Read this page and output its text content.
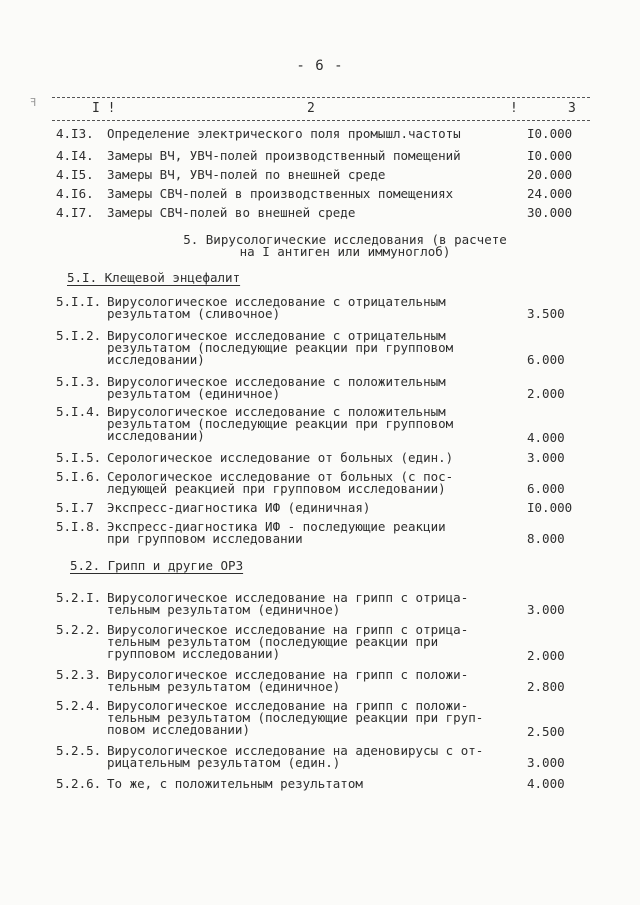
- 6 -
ꟻ	I !	2	!	3
4.I3.	Определение электрического поля промышл.частоты	I0.000
4.I4.	Замеры ВЧ, УВЧ-полей производственный помещений	I0.000
4.I5.	Замеры ВЧ, УВЧ-полей по внешней среде	20.000
4.I6.	Замеры СВЧ-полей в производственных помещениях	24.000
4.I7.	Замеры СВЧ-полей во внешней среде	30.000
5. Вирусологические исследования (в расчете
на I антиген или иммуноглоб)
5.I. Клещевой энцефалит
5.I.I. Вирусологическое исследование с отрицательным
результатом (сливочное)	3.500
5.I.2. Вирусологическое исследование с отрицательным
результатом (последующие реакции при групповом
исследовании)	6.000
5.I.3. Вирусологическое исследование с положительным
результатом (единичное)	2.000
5.I.4. Вирусологическое исследование с положительным
результатом (последующие реакции при групповом
исследовании)	4.000
5.I.5. Серологическое исследование от больных (един.)	3.000
5.I.6. Серологическое исследование от больных (с пос-
ледующей реакцией при групповом исследовании)	6.000
5.I.7	Экспресс-диагностика ИФ (единичная)	I0.000
5.I.8. Экспресс-диагностика ИФ - последующие реакции
при групповом исследовании	8.000
5.2. Грипп и другие ОРЗ
5.2.I. Вирусологическое исследование на грипп с отрица-
тельным результатом (единичное)	3.000
5.2.2. Вирусологическое исследование на грипп с отрица-
тельным результатом (последующие реакции при
групповом исследовании)	2.000
5.2.3. Вирусологическое исследование на грипп с положи-
тельным результатом (единичное)	2.800
5.2.4. Вирусологическое исследование на грипп с положи-
тельным результатом (последующие реакции при груп-
повом исследовании)	2.500
5.2.5. Вирусологическое исследование на аденовирусы с от-
рицательным результатом (един.)	3.000
5.2.6. То же, с положительным результатом	4.000
